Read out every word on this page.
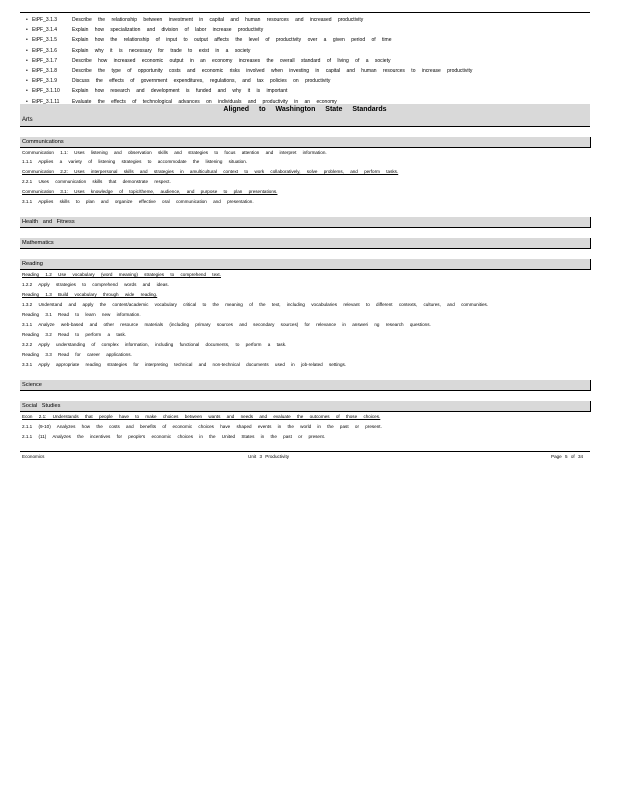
• EtPF_3.1.3	Describe the relationship between investment in capital and human resources and increased productivity
• EtPF_3.1.4	Explain how specialization and division of labor increase productivity
• EtPF_3.1.5	Explain how the relationship of input to output affects the level of productivity over a given period of time
• EtPF_3.1.6	Explain why it is necessary for trade to exist in a society
• EtPF_3.1.7	Describe how increased economic output in an economy increases the overall standard of living of a society
• EtPF_3.1.8	Describe the type of opportunity costs and economic risks involved when investing in capital and human resources to increase productivity
• EtPF_3.1.9	Discuss the effects of government expenditures, regulations, and tax policies on productivity
• EtPF_3.1.10 Explain how research and development is funded and why it is important
• EtPF_3.1.11	Evaluate the effects of technological advances on individuals and productivity in an economy
Aligned to Washington State Standards
Arts
Communications
Communication 1.1: Uses listening and observation skills and strategies to focus attention and interpret information.
1.1.1 Applies a variety of listening strategies to accommodate the listening situation.
Communication 2.2: Uses interpersonal skills and strategies in amulticultural context to work collaboratively, solve problems, and perform tasks.
2.2.1 Uses communication skills that demonstrate respect.
Communication 3.1: Uses knowledge of topic/theme, audience, and purpose to plan presentations.
3.1.1 Applies skills to plan and organize effective oral communication and presentation.
Health and Fitness
Mathematics
Reading
Reading 1.2 Use vocabulary (word meaning) strategies to comprehend text.
1.2.2 Apply strategies to comprehend words and ideas.
Reading 1.3 Build vocabulary through wide reading.
1.3.2 Understand and apply the content/academic vocabulary critical to the meaning of the text, including vocabularies relevant to different contexts, cultures, and communities.
Reading 3.1 Read to learn new information.
3.1.1 Analyze web-based and other resource materials (including primary sources and secondary sources) for relevance in answeri ng research questions.
Reading 3.2 Read to perform a task.
3.2.2 Apply understanding of complex information, including functional documents, to perform a task.
Reading 3.3 Read for career applications.
3.3.1 Apply appropriate reading strategies for interpreting technical and non-technical documents used in job-related settings.
Science
Social Studies
Econ 2.1: Understands that people have to make choices between wants and needs and evaluate the outcomes of those choices.
2.1.1 (9-10) Analyzes how the costs and benefits of economic choices have shaped events in the world in the past or present.
2.1.1 (11) Analyzes the incentives for people's economic choices in the United States in the past or present.
Economics	Unit 3 Productivity	Page 5 of 34
